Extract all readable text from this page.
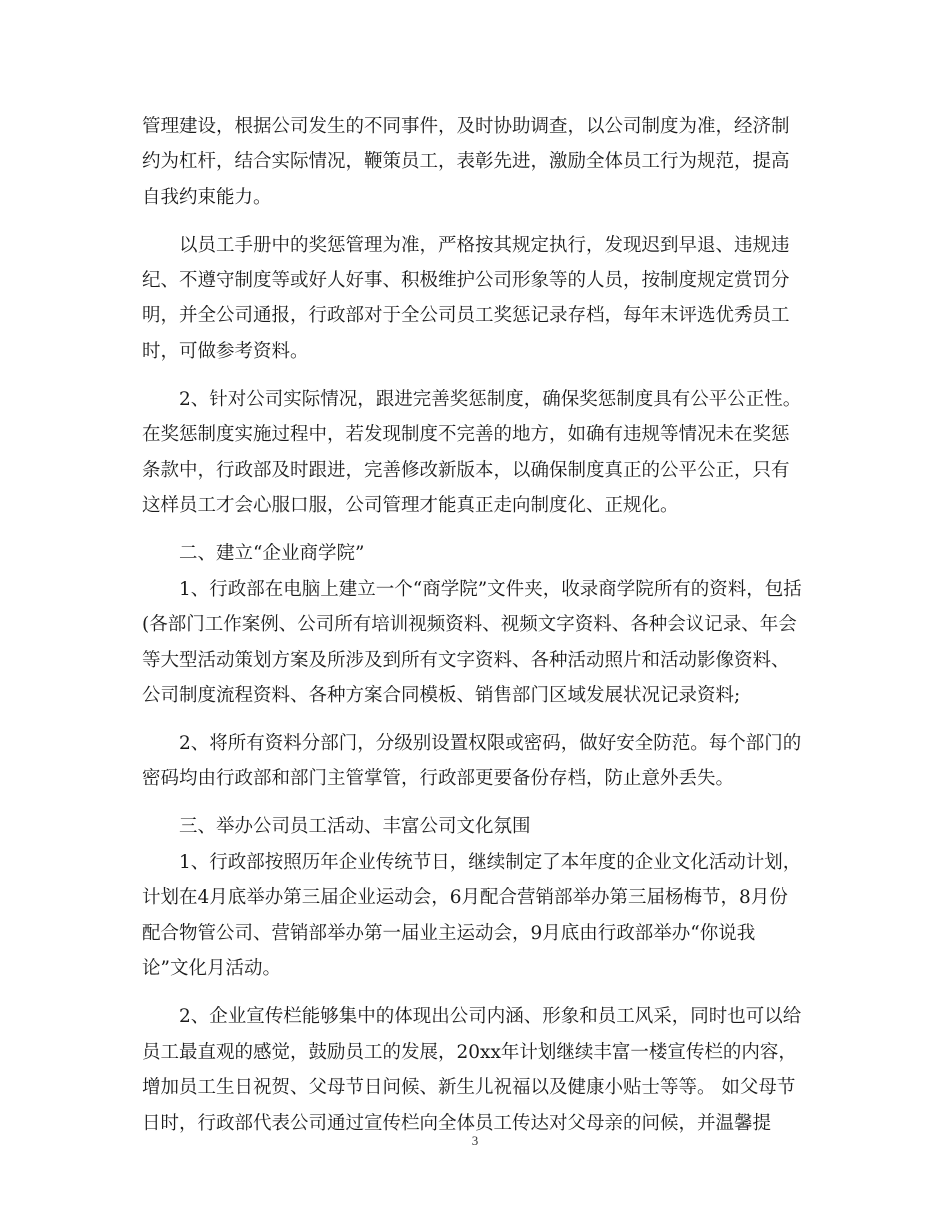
管理建设，根据公司发生的不同事件，及时协助调查，以公司制度为准，经济制
约为杠杆，结合实际情况，鞭策员工，表彰先进，激励全体员工行为规范，提高
自我约束能力。
　　以员工手册中的奖惩管理为准，严格按其规定执行，发现迟到早退、违规违
纪、不遵守制度等或好人好事、积极维护公司形象等的人员，按制度规定赏罚分
明，并全公司通报，行政部对于全公司员工奖惩记录存档，每年末评选优秀员工
时，可做参考资料。
　　2、针对公司实际情况，跟进完善奖惩制度，确保奖惩制度具有公平公正性。
在奖惩制度实施过程中，若发现制度不完善的地方，如确有违规等情况未在奖惩
条款中，行政部及时跟进，完善修改新版本，以确保制度真正的公平公正，只有
这样员工才会心服口服，公司管理才能真正走向制度化、正规化。
　　二、建立“企业商学院”
　　1、行政部在电脑上建立一个“商学院”文件夹，收录商学院所有的资料，包括
(各部门工作案例、公司所有培训视频资料、视频文字资料、各种会议记录、年会
等大型活动策划方案及所涉及到所有文字资料、各种活动照片和活动影像资料、
公司制度流程资料、各种方案合同模板、销售部门区域发展状况记录资料;
　　2、将所有资料分部门，分级别设置权限或密码，做好安全防范。每个部门的
密码均由行政部和部门主管掌管，行政部更要备份存档，防止意外丢失。
　　三、举办公司员工活动、丰富公司文化氛围
　　1、行政部按照历年企业传统节日，继续制定了本年度的企业文化活动计划，
计划在4月底举办第三届企业运动会，6月配合营销部举办第三届杨梅节，8月份
配合物管公司、营销部举办第一届业主运动会，9月底由行政部举办“你说我
论”文化月活动。
　　2、企业宣传栏能够集中的体现出公司内涵、形象和员工风采，同时也可以给
员工最直观的感觉，鼓励员工的发展，20xx年计划继续丰富一楼宣传栏的内容，
增加员工生日祝贺、父母节日问候、新生儿祝福以及健康小贴士等等。 如父母节
日时，行政部代表公司通过宣传栏向全体员工传达对父母亲的问候，并温馨提
3
